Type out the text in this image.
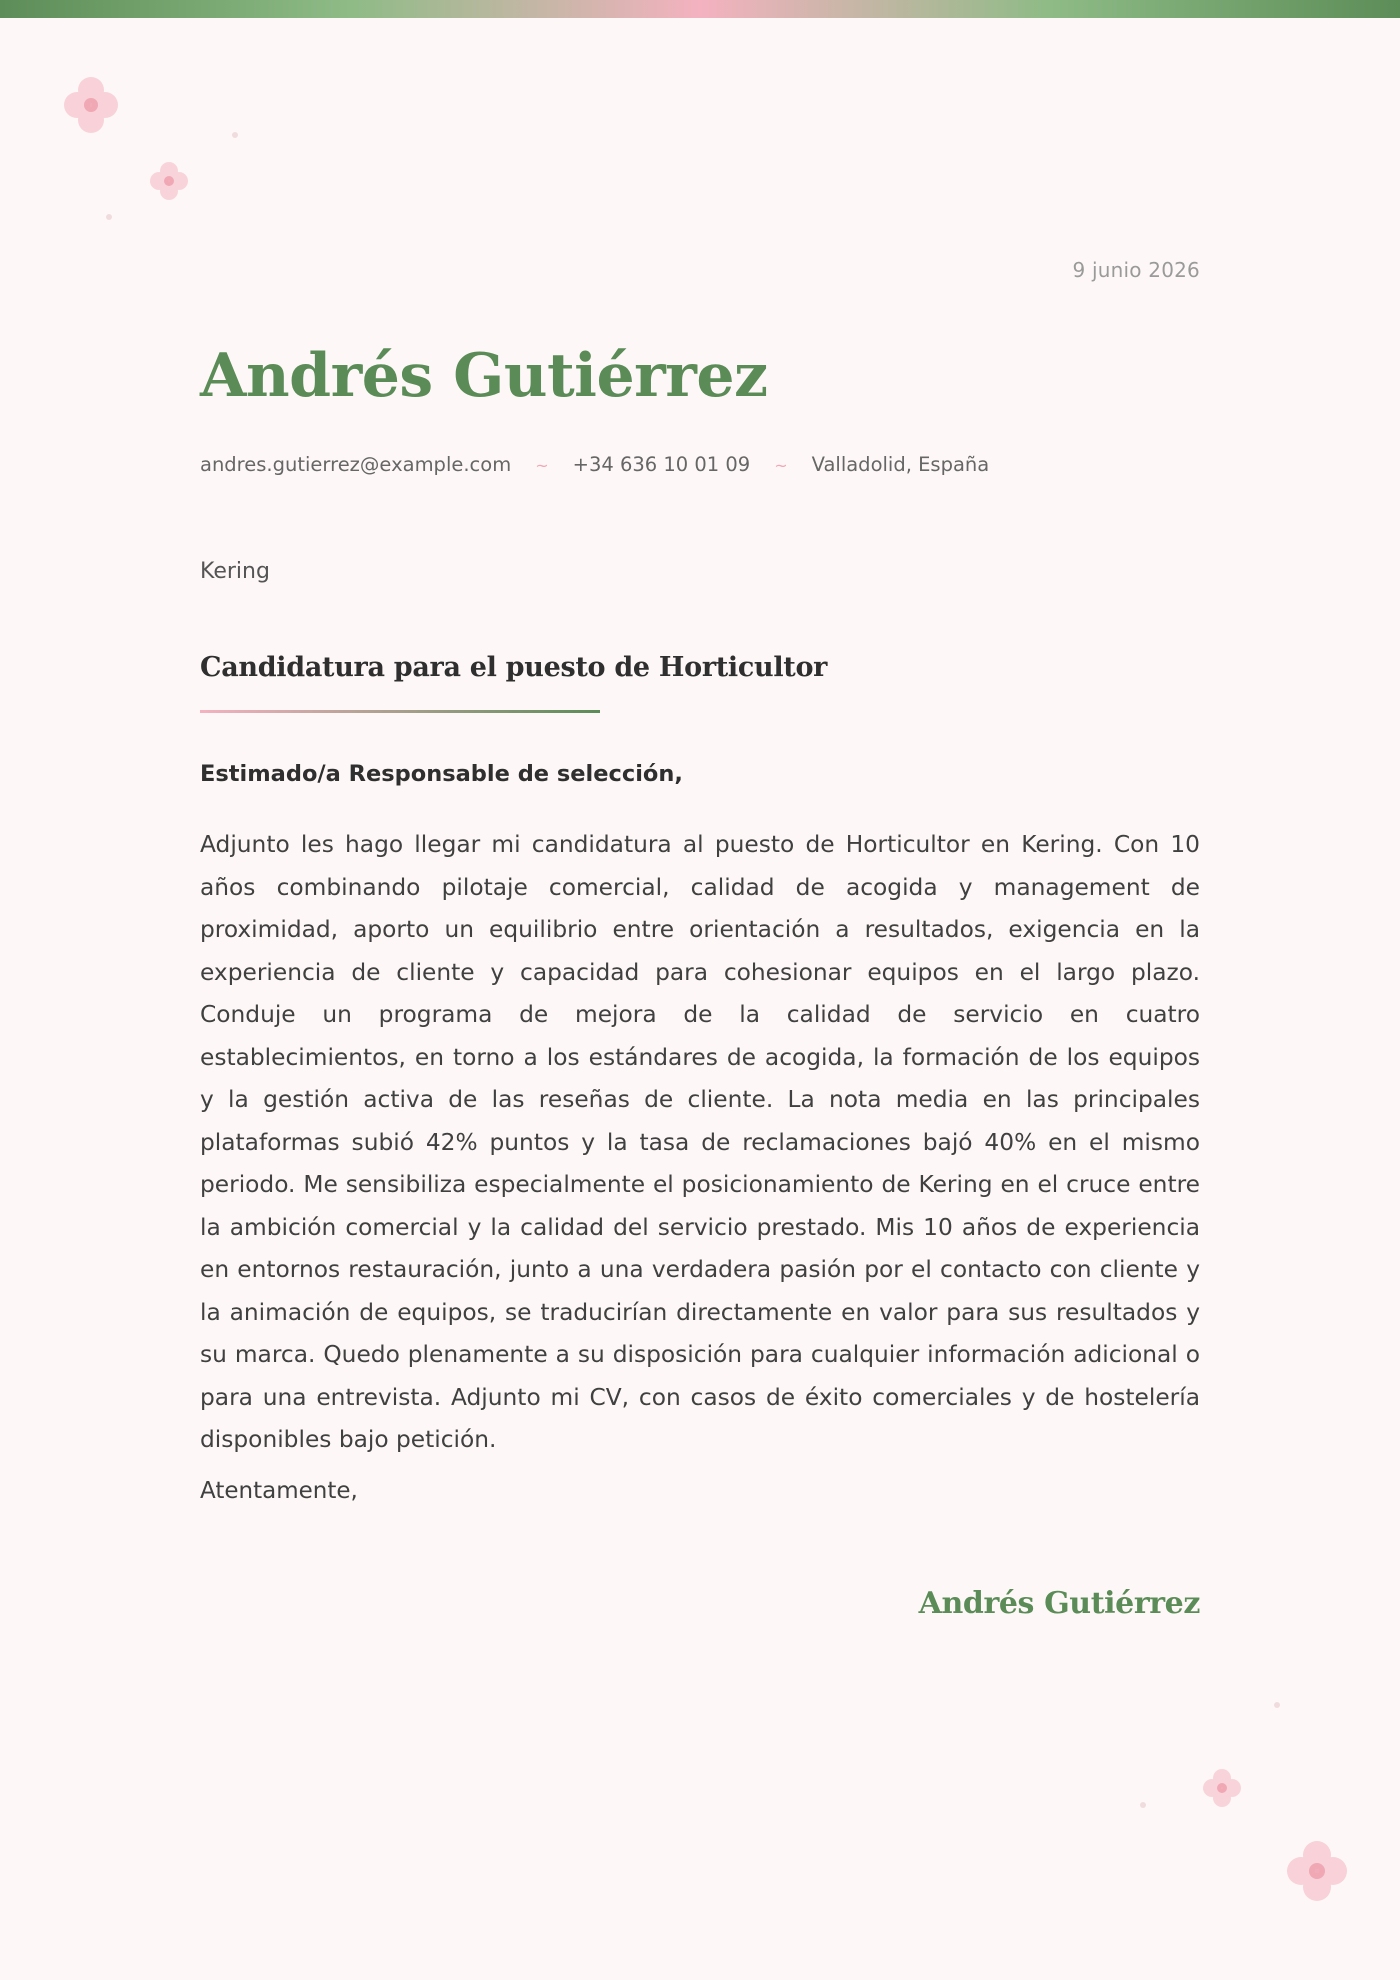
9 junio 2026
Andrés Gutiérrez
andres.gutierrez@example.com ~ +34 636 10 01 09 ~ Valladolid, España
Kering
Candidatura para el puesto de Horticultor
Estimado/a Responsable de selección,

Adjunto les hago llegar mi candidatura al puesto de Horticultor en Kering. Con 10 años combinando pilotaje comercial, calidad de acogida y management de proximidad, aporto un equilibrio entre orientación a resultados, exigencia en la experiencia de cliente y capacidad para cohesionar equipos en el largo plazo. Conduje un programa de mejora de la calidad de servicio en cuatro establecimientos, en torno a los estándares de acogida, la formación de los equipos y la gestión activa de las reseñas de cliente. La nota media en las principales plataformas subió 42% puntos y la tasa de reclamaciones bajó 40% en el mismo periodo. Me sensibiliza especialmente el posicionamiento de Kering en el cruce entre la ambición comercial y la calidad del servicio prestado. Mis 10 años de experiencia en entornos restauración, junto a una verdadera pasión por el contacto con cliente y la animación de equipos, se traducirían directamente en valor para sus resultados y su marca. Quedo plenamente a su disposición para cualquier información adicional o para una entrevista. Adjunto mi CV, con casos de éxito comerciales y de hostelería disponibles bajo petición.

Atentamente,
Andrés Gutiérrez
